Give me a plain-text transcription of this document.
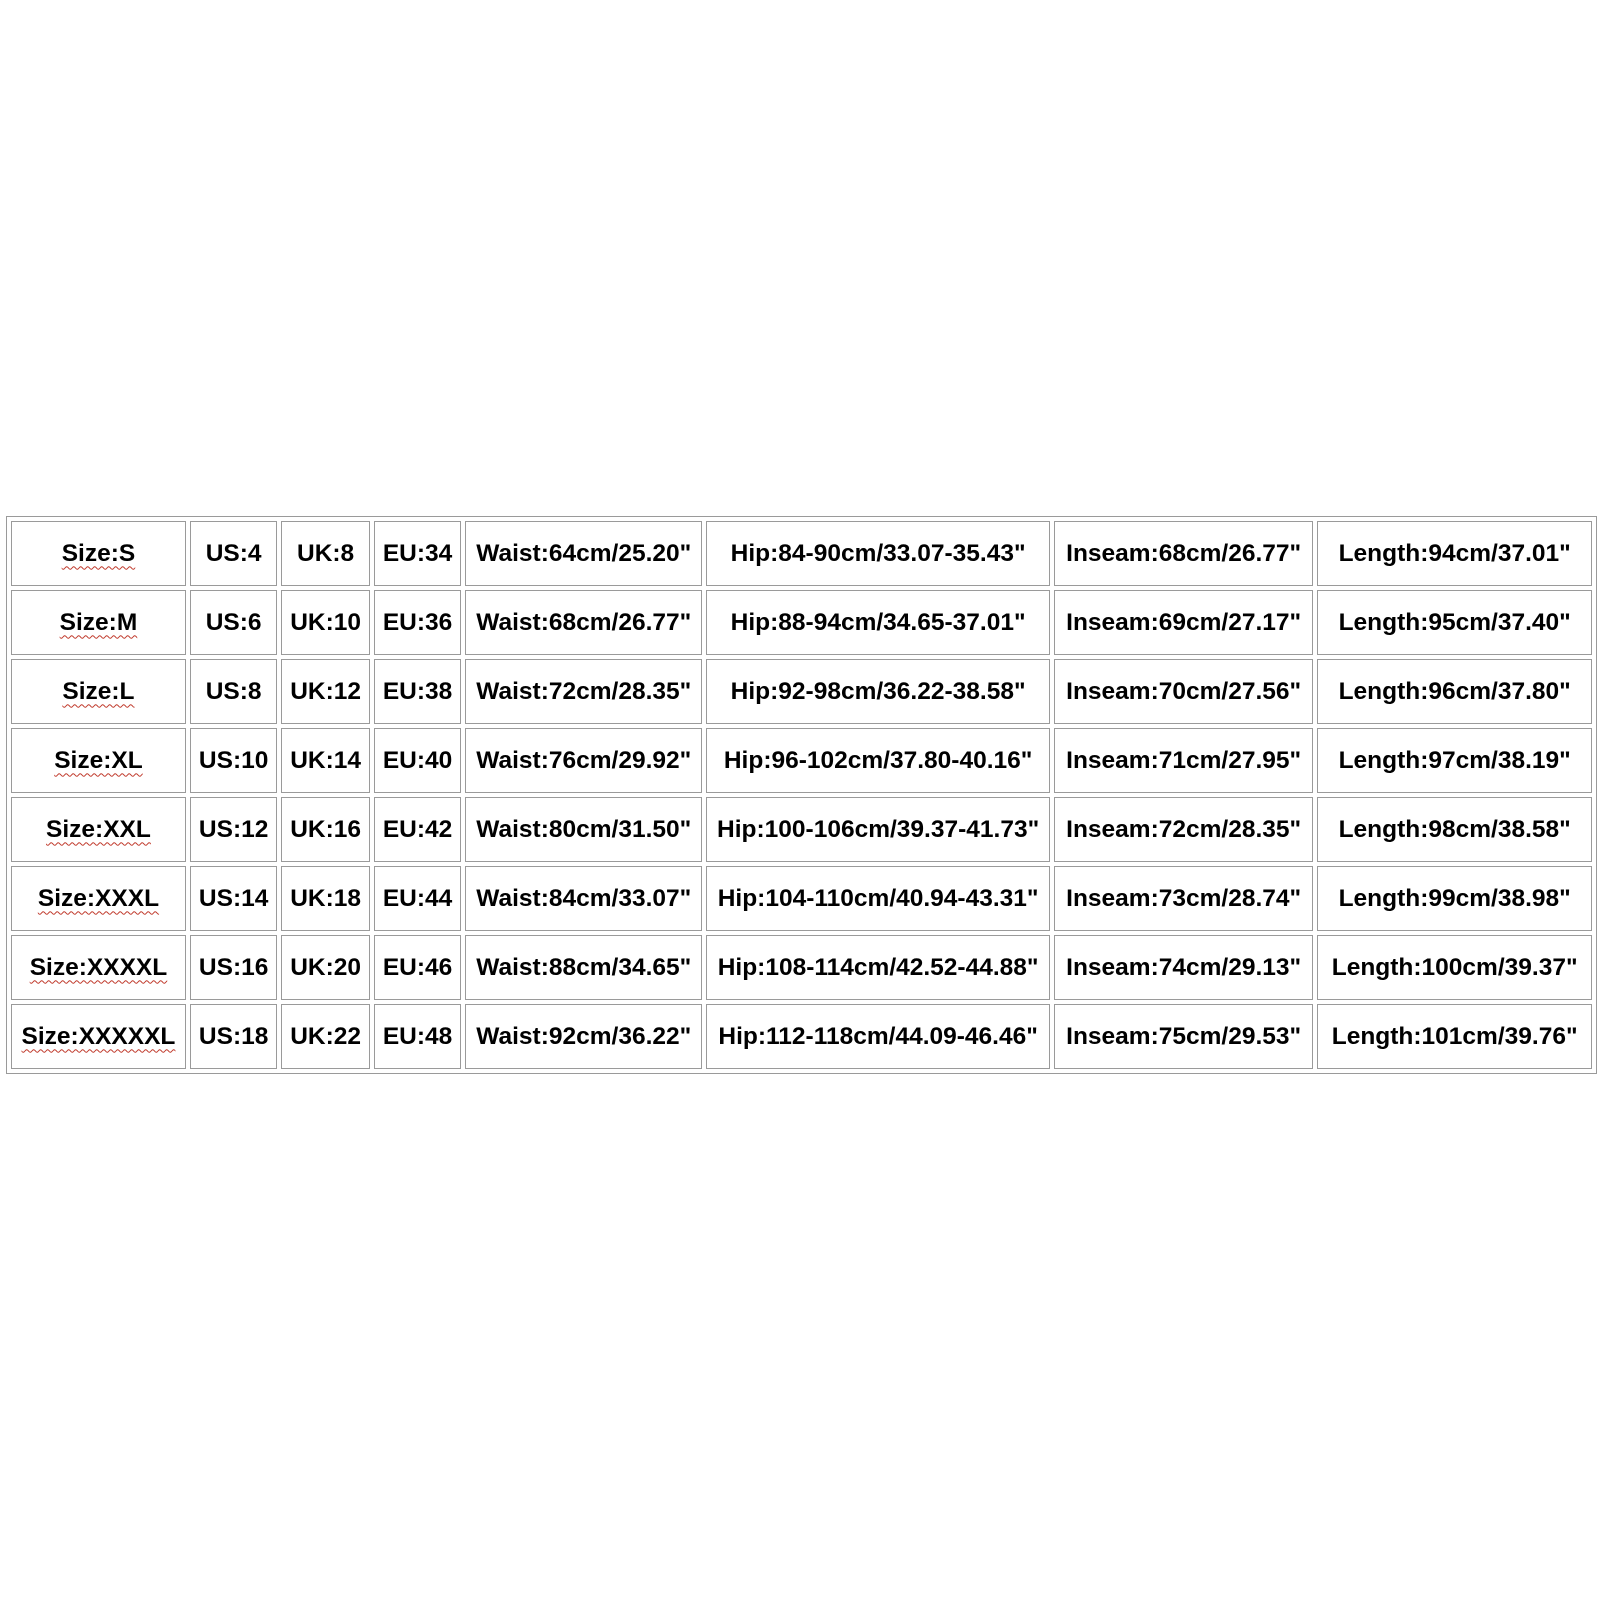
Size:S	US:4	UK:8	EU:34	Waist:64cm/25.20"	Hip:84-90cm/33.07-35.43"	Inseam:68cm/26.77"	Length:94cm/37.01"
Size:M	US:6	UK:10	EU:36	Waist:68cm/26.77"	Hip:88-94cm/34.65-37.01"	Inseam:69cm/27.17"	Length:95cm/37.40"
Size:L	US:8	UK:12	EU:38	Waist:72cm/28.35"	Hip:92-98cm/36.22-38.58"	Inseam:70cm/27.56"	Length:96cm/37.80"
Size:XL	US:10	UK:14	EU:40	Waist:76cm/29.92"	Hip:96-102cm/37.80-40.16"	Inseam:71cm/27.95"	Length:97cm/38.19"
Size:XXL	US:12	UK:16	EU:42	Waist:80cm/31.50"	Hip:100-106cm/39.37-41.73"	Inseam:72cm/28.35"	Length:98cm/38.58"
Size:XXXL	US:14	UK:18	EU:44	Waist:84cm/33.07"	Hip:104-110cm/40.94-43.31"	Inseam:73cm/28.74"	Length:99cm/38.98"
Size:XXXXL	US:16	UK:20	EU:46	Waist:88cm/34.65"	Hip:108-114cm/42.52-44.88"	Inseam:74cm/29.13"	Length:100cm/39.37"
Size:XXXXXL	US:18	UK:22	EU:48	Waist:92cm/36.22"	Hip:112-118cm/44.09-46.46"	Inseam:75cm/29.53"	Length:101cm/39.76"
